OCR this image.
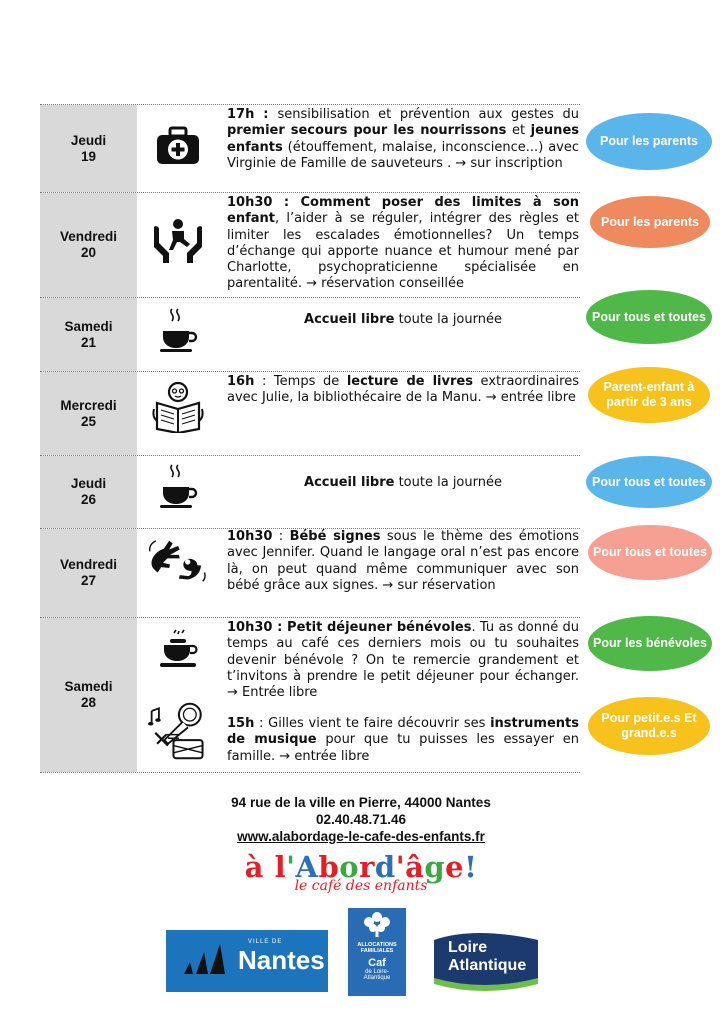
Jeudi
19
17h : sensibilisation et prévention aux gestes du premier secours pour les nourrissons et jeunes enfants (étouffement, malaise, inconscience...) avec Virginie de Famille de sauveteurs . → sur inscription
Vendredi
20
10h30 : Comment poser des limites à son enfant, l’aider à se réguler, intégrer des règles et limiter les escalades émotionnelles? Un temps d’échange qui apporte nuance et humour mené par Charlotte, psychopraticienne spécialisée en parentalité. → réservation conseillée
Samedi
21
Accueil libre toute la journée
Mercredi
25
16h : Temps de lecture de livres extraordinaires avec Julie, la bibliothécaire de la Manu. → entrée libre
Jeudi
26
Accueil libre toute la journée
Vendredi
27
10h30 : Bébé signes sous le thème des émotions avec Jennifer. Quand le langage oral n’est pas encore là, on peut quand même communiquer avec son bébé grâce aux signes. → sur réservation
Samedi
28
10h30 : Petit déjeuner bénévoles. Tu as donné du temps au café ces derniers mois ou tu souhaites devenir bénévole ? On te remercie grandement et t’invitons à prendre le petit déjeuner pour échanger. → Entrée libre
15h : Gilles vient te faire découvrir ses instruments de musique pour que tu puisses les essayer en famille. → entrée libre
Pour les parents
Pour les parents
Pour tous et toutes
Parent-enfant à partir de 3 ans
Pour tous et toutes
Pour tous et toutes
Pour les bénévoles
Pour petit.e.s Et grand.e.s
94 rue de la ville en Pierre, 44000 Nantes
02.40.48.71.46
www.alabordage-le-cafe-des-enfants.fr
à l'Abord'âge!
le café des enfants
VILLE DE
Nantes	ALLOCATIONS
FAMILIALES
Caf
de Loire-
Atlantique
Loire
Atlantique
